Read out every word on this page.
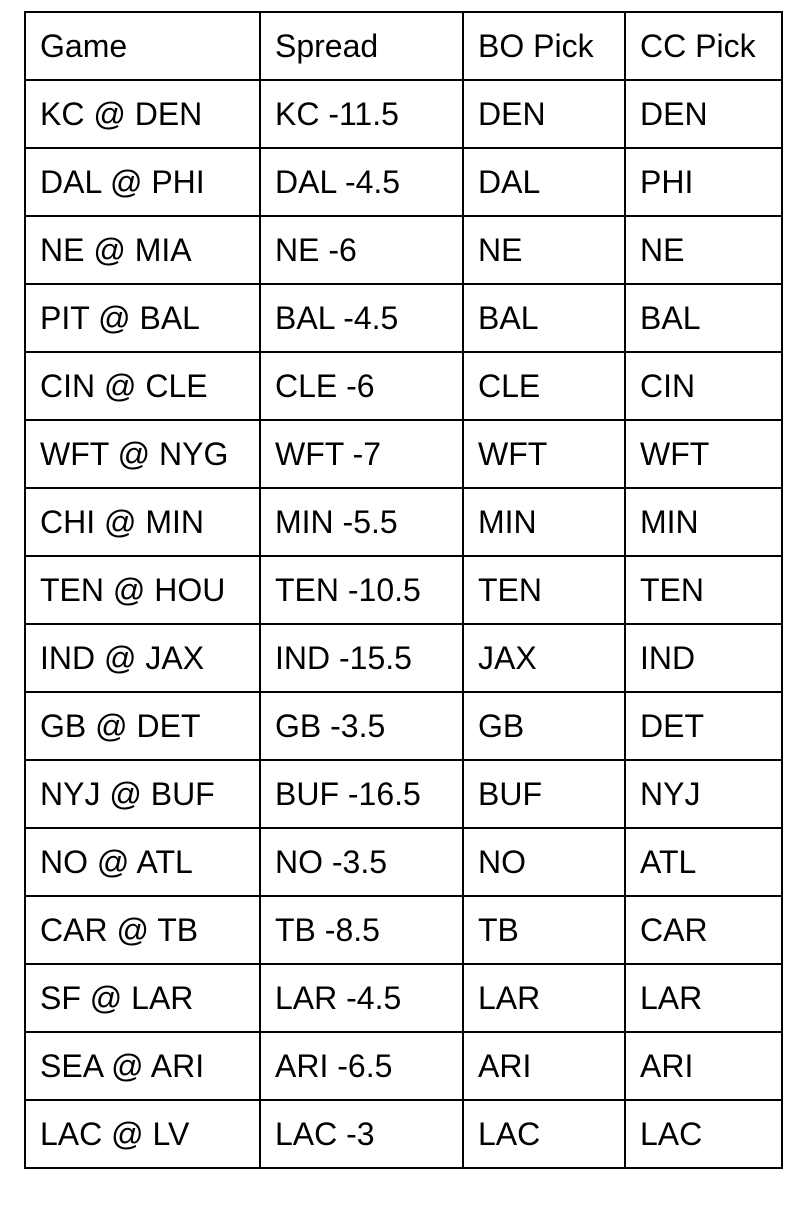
Game	Spread	BO Pick	CC Pick
KC @ DEN	KC -11.5	DEN	DEN
DAL @ PHI	DAL -4.5	DAL	PHI
NE @ MIA	NE -6	NE	NE
PIT @ BAL	BAL -4.5	BAL	BAL
CIN @ CLE	CLE -6	CLE	CIN
WFT @ NYG	WFT -7	WFT	WFT
CHI @ MIN	MIN -5.5	MIN	MIN
TEN @ HOU	TEN -10.5	TEN	TEN
IND @ JAX	IND -15.5	JAX	IND
GB @ DET	GB -3.5	GB	DET
NYJ @ BUF	BUF -16.5	BUF	NYJ
NO @ ATL	NO -3.5	NO	ATL
CAR @ TB	TB -8.5	TB	CAR
SF @ LAR	LAR -4.5	LAR	LAR
SEA @ ARI	ARI -6.5	ARI	ARI
LAC @ LV	LAC -3	LAC	LAC
